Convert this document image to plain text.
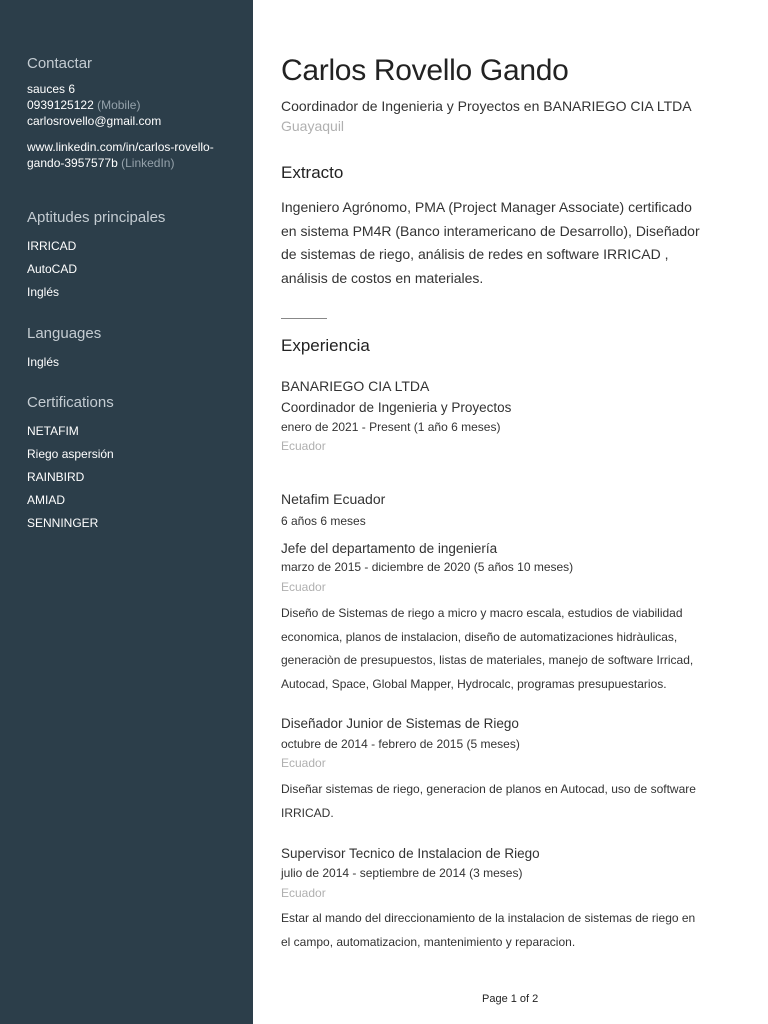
Contactar
sauces 6
0939125122 (Mobile)
carlosrovello@gmail.com
www.linkedin.com/in/carlos-rovello-
gando-3957577b (LinkedIn)
Aptitudes principales
IRRICAD
AutoCAD
Inglés
Languages
Inglés
Certifications
NETAFIM
Riego aspersión
RAINBIRD
AMIAD
SENNINGER
Carlos Rovello Gando
Coordinador de Ingenieria y Proyectos en BANARIEGO CIA LTDA
Guayaquil
Extracto
Ingeniero Agrónomo, PMA (Project Manager Associate) certificado
en sistema PM4R (Banco interamericano de Desarrollo), Diseñador
de sistemas de riego, análisis de redes en software IRRICAD ,
análisis de costos en materiales.
Experiencia
BANARIEGO CIA LTDA
Coordinador de Ingenieria y Proyectos
enero de 2021 - Present (1 año 6 meses)
Ecuador
Netafim Ecuador
6 años 6 meses
Jefe del departamento de ingeniería
marzo de 2015 - diciembre de 2020 (5 años 10 meses)
Ecuador
Diseño de Sistemas de riego a micro y macro escala, estudios de viabilidad
economica, planos de instalacion, diseño de automatizaciones hidràulicas,
generaciòn de presupuestos, listas de materiales, manejo de software Irricad,
Autocad, Space, Global Mapper, Hydrocalc, programas presupuestarios.
Diseñador Junior de Sistemas de Riego
octubre de 2014 - febrero de 2015 (5 meses)
Ecuador
Diseñar sistemas de riego, generacion de planos en Autocad, uso de software
IRRICAD.
Supervisor Tecnico de Instalacion de Riego
julio de 2014 - septiembre de 2014 (3 meses)
Ecuador
Estar al mando del direccionamiento de la instalacion de sistemas de riego en
el campo, automatizacion, mantenimiento y reparacion.
Page 1 of 2
